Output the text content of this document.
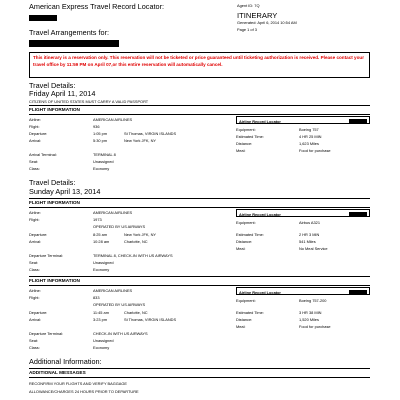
American Express Travel Record Locator:	Agent ID: 7Q
ITINERARY
Generated: April 6, 2014 10:54 AM
Page 1 of 3
Travel Arrangements for:
This itinerary is a reservation only. This reservation will not be ticketed or price guaranteed until ticketing authorization is received. Please contact your travel office by 11:59 PM on April 07,or this entire reservation will automatically cancel.
Travel Details:
Friday April 11, 2014
CITIZENS OF UNITED STATES MUST CARRY A VALID PASSPORT
FLIGHT INFORMATION
Airline:	AMERICAN AIRLINES
Flight:	936
Departure:	1:05 pm	St Thomas, VIRGIN ISLANDS
Arrival:	5:30 pm	New York JFK, NY
Arrival Terminal:	TERMINAL 8
Seat:	Unassigned
Class:	Economy
Airline Record Locator
Equipment:	Boeing 757
Estimated Time:	4 HR 25 MIN
Distance:	1,623 Miles
Meal:	Food for purchase
Travel Details:
Sunday April 13, 2014
FLIGHT INFORMATION
Airline:	AMERICAN AIRLINES
Flight:	1973
OPERATED BY US AIRWAYS
Departure:	8:25 am	New York JFK, NY
Arrival:	10:28 am	Charlotte, NC
Departure Terminal:	TERMINAL 8, CHECK-IN WITH US AIRWAYS
Seat:	Unassigned
Class:	Economy
Airline Record Locator
Equipment:	Airbus A321
Estimated Time:	2 HR 3 MIN
Distance:	541 Miles
Meal:	No Meal Service
FLIGHT INFORMATION
Airline:	AMERICAN AIRLINES
Flight:	833
OPERATED BY US AIRWAYS
Departure:	11:45 am	Charlotte, NC
Arrival:	3:23 pm	St Thomas, VIRGIN ISLANDS
Departure Terminal:	CHECK-IN WITH US AIRWAYS
Seat:	Unassigned
Class:	Economy
Airline Record Locator
Equipment:	Boeing 757-200
Estimated Time:	3 HR 38 MIN
Distance:	1,520 Miles
Meal:	Food for purchase
Additional Information:
ADDITIONAL MESSAGES
RECONFIRM YOUR FLIGHTS AND VERIFY BAGGAGE
ALLOWANCE/CHARGES 24 HOURS PRIOR TO DEPARTURE
